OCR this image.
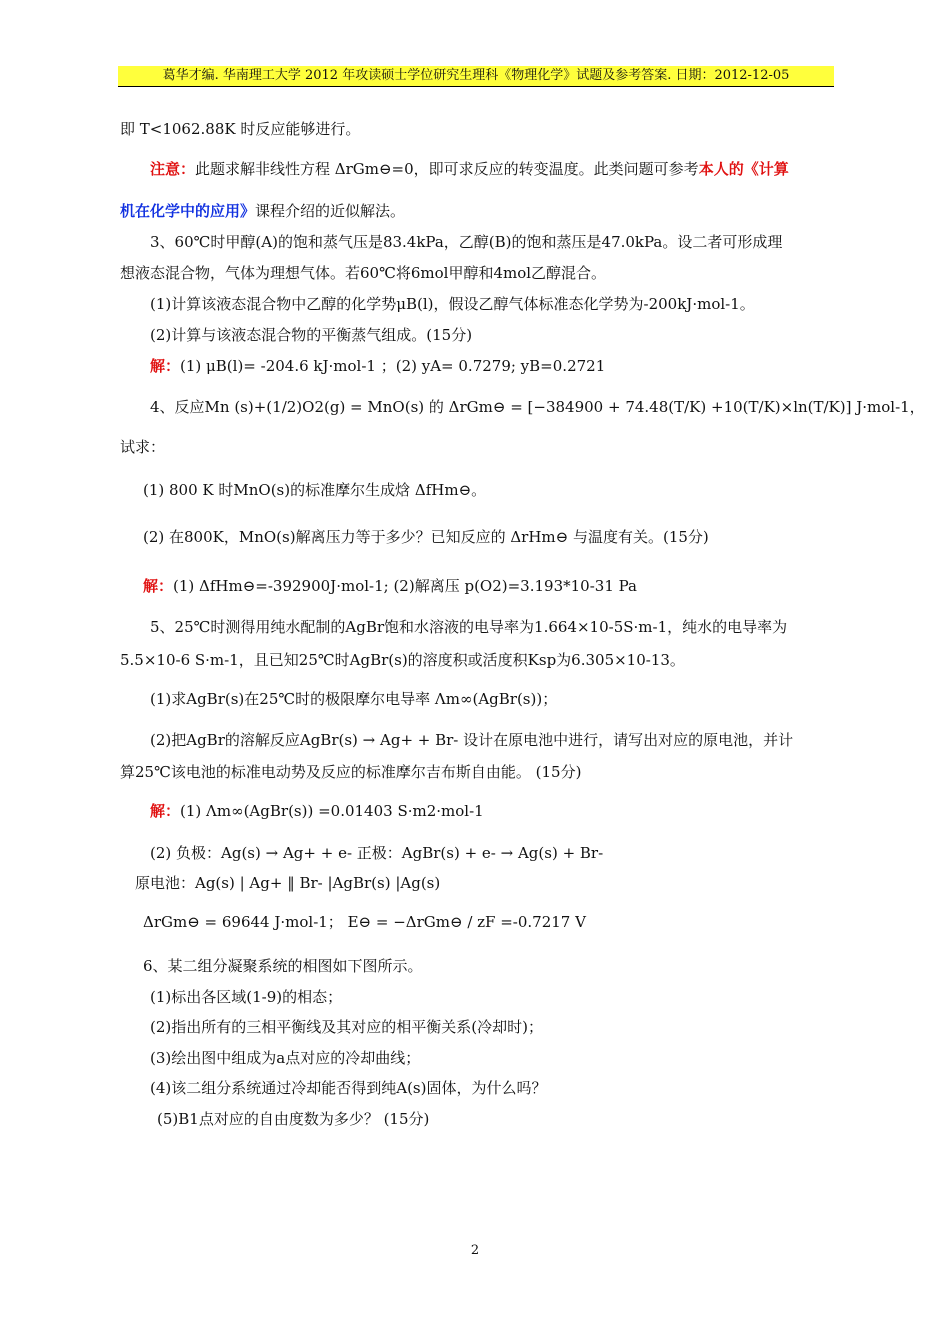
葛华才编. 华南理工大学 2012 年攻读硕士学位研究生理科《物理化学》试题及参考答案. 日期：2012-12-05
即 T<1062.88K 时反应能够进行。
注意：此题求解非线性方程 ΔrGm⊖=0，即可求反应的转变温度。此类问题可参考本人的《计算
机在化学中的应用》课程介绍的近似解法。
3、60℃时甲醇(A)的饱和蒸气压是83.4kPa，乙醇(B)的饱和蒸压是47.0kPa。设二者可形成理
想液态混合物，气体为理想气体。若60℃将6mol甲醇和4mol乙醇混合。
(1)计算该液态混合物中乙醇的化学势μB(l)，假设乙醇气体标准态化学势为-200kJ·mol-1。
(2)计算与该液态混合物的平衡蒸气组成。(15分)
解：(1) μB(l)= -204.6 kJ·mol-1 ；(2) yA= 0.7279; yB=0.2721
4、反应Mn (s)+(1/2)O2(g) = MnO(s) 的 ΔrGm⊖ = [−384900 + 74.48(T/K) +10(T/K)×ln(T/K)] J·mol-1，
试求：
(1) 800 K 时MnO(s)的标准摩尔生成焓 ΔfHm⊖。
(2) 在800K，MnO(s)解离压力等于多少？已知反应的 ΔrHm⊖ 与温度有关。(15分)
解：(1) ΔfHm⊖=-392900J·mol-1; (2)解离压 p(O2)=3.193*10-31 Pa
5、25℃时测得用纯水配制的AgBr饱和水溶液的电导率为1.664×10-5S·m-1，纯水的电导率为
5.5×10-6 S·m-1，且已知25℃时AgBr(s)的溶度积或活度积Ksp为6.305×10-13。
(1)求AgBr(s)在25℃时的极限摩尔电导率 Λm∞(AgBr(s))；
(2)把AgBr的溶解反应AgBr(s) → Ag+ + Br- 设计在原电池中进行，请写出对应的原电池，并计
算25℃该电池的标准电动势及反应的标准摩尔吉布斯自由能。 (15分)
解：(1) Λm∞(AgBr(s)) =0.01403 S·m2·mol-1
(2) 负极：Ag(s) → Ag+ + e- 正极：AgBr(s) + e- → Ag(s) + Br-
原电池：Ag(s) | Ag+ ‖ Br- |AgBr(s) |Ag(s)
ΔrGm⊖ = 69644 J·mol-1； E⊖ = −ΔrGm⊖ / zF =-0.7217 V
6、某二组分凝聚系统的相图如下图所示。
(1)标出各区域(1-9)的相态；
(2)指出所有的三相平衡线及其对应的相平衡关系(冷却时)；
(3)绘出图中组成为a点对应的冷却曲线；
(4)该二组分系统通过冷却能否得到纯A(s)固体，为什么吗？
(5)B1点对应的自由度数为多少？ (15分)
2
